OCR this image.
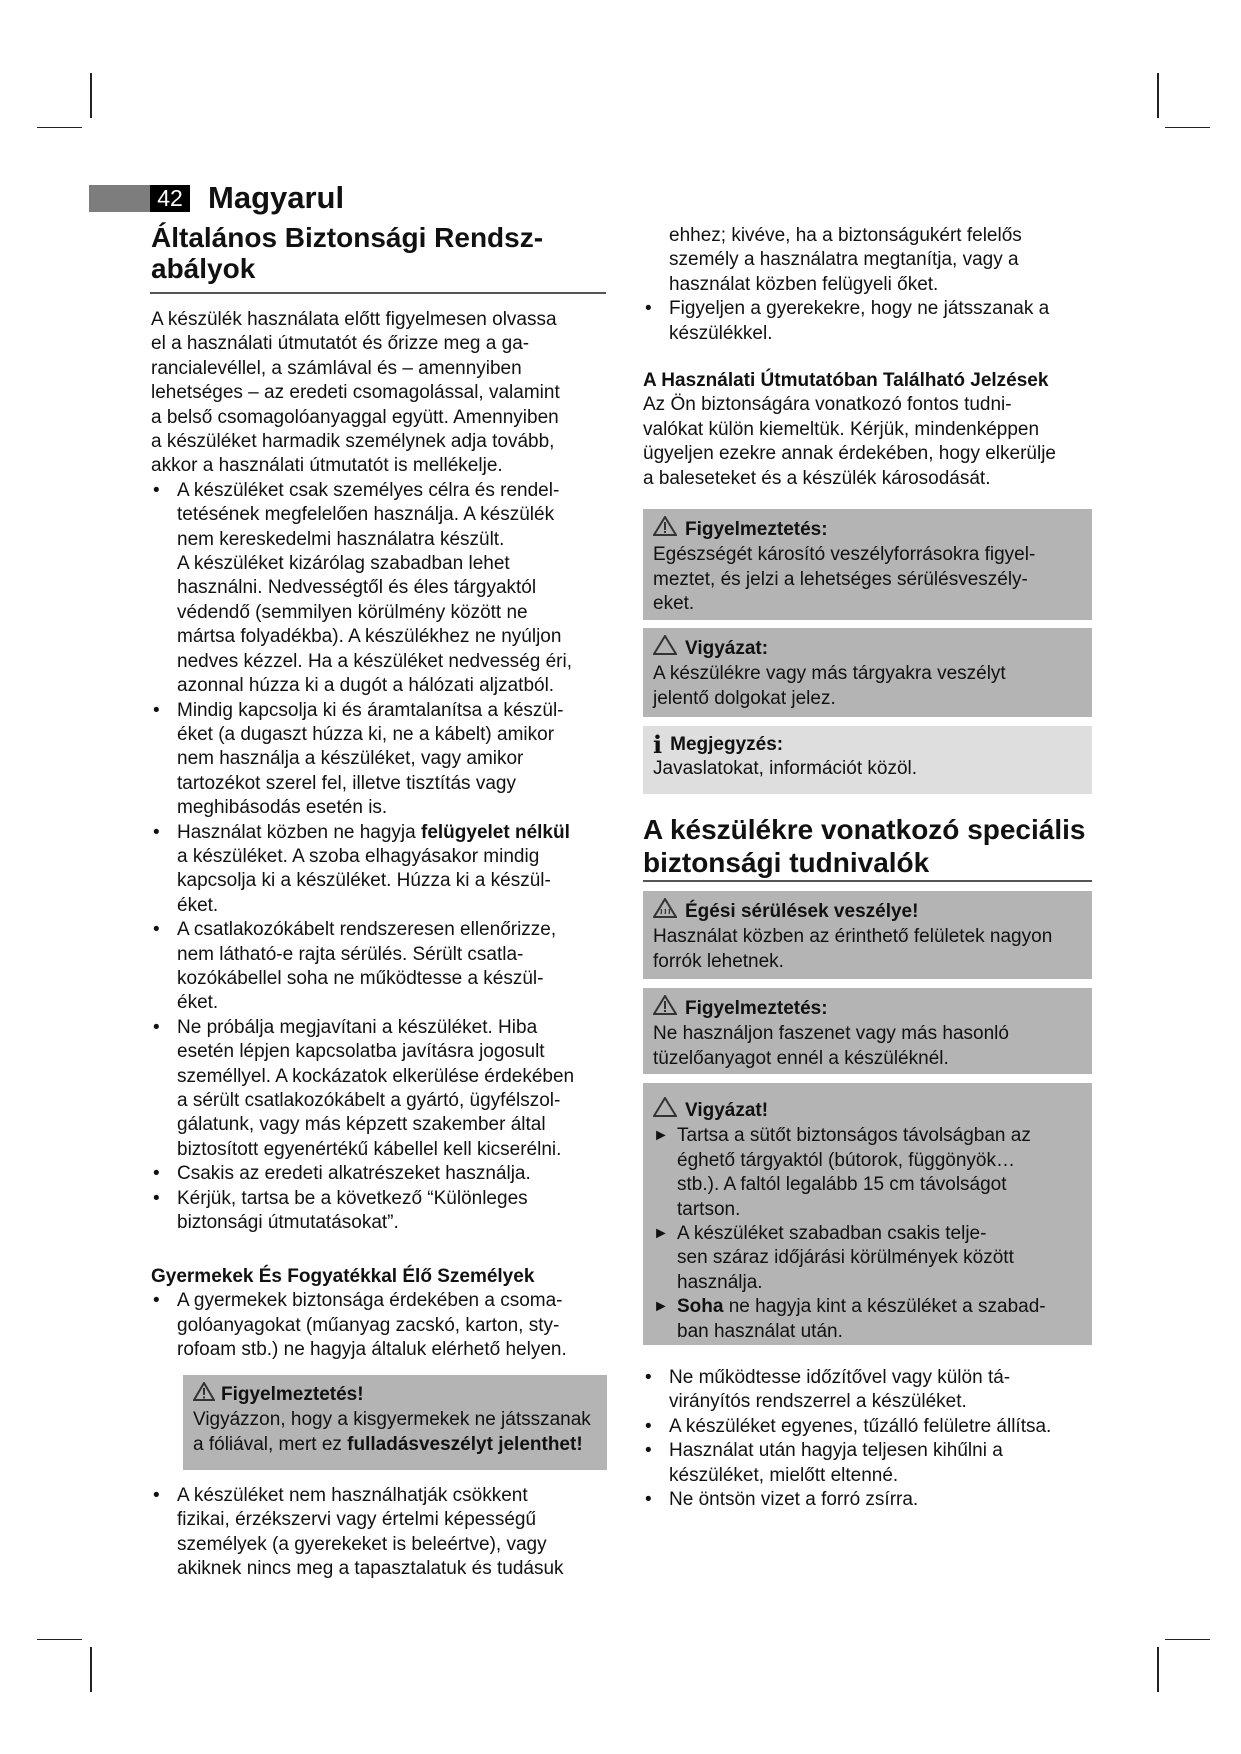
42 Magyarul
Általános Biztonsági Rendsz-
abályok
A készülék használata előtt figyelmesen olvassa
el a használati útmutatót és őrizze meg a ga-
rancialevéllel, a számlával és – amennyiben
lehetséges – az eredeti csomagolással, valamint
a belső csomagolóanyaggal együtt. Amennyiben
a készüléket harmadik személynek adja tovább,
akkor a használati útmutatót is mellékelje.
• A készüléket csak személyes célra és rendel-
tetésének megfelelően használja. A készülék
nem kereskedelmi használatra készült.
A készüléket kizárólag szabadban lehet
használni. Nedvességtől és éles tárgyaktól
védendő (semmilyen körülmény között ne
mártsa folyadékba). A készülékhez ne nyúljon
nedves kézzel. Ha a készüléket nedvesség éri,
azonnal húzza ki a dugót a hálózati aljzatból.
• Mindig kapcsolja ki és áramtalanítsa a készül-
éket (a dugaszt húzza ki, ne a kábelt) amikor
nem használja a készüléket, vagy amikor
tartozékot szerel fel, illetve tisztítás vagy
meghibásodás esetén is.
• Használat közben ne hagyja felügyelet nélkül
a készüléket. A szoba elhagyásakor mindig
kapcsolja ki a készüléket. Húzza ki a készül-
éket.
• A csatlakozókábelt rendszeresen ellenőrizze,
nem látható-e rajta sérülés. Sérült csatla-
kozókábellel soha ne működtesse a készül-
éket.
• Ne próbálja megjavítani a készüléket. Hiba
esetén lépjen kapcsolatba javításra jogosult
személlyel. A kockázatok elkerülése érdekében
a sérült csatlakozókábelt a gyártó, ügyfélszol-
gálatunk, vagy más képzett szakember által
biztosított egyenértékű kábellel kell kicserélni.
• Csakis az eredeti alkatrészeket használja.
• Kérjük, tartsa be a következő “Különleges
biztonsági útmutatásokat”.
Gyermekek És Fogyatékkal Élő Személyek
• A gyermekek biztonsága érdekében a csoma-
golóanyagokat (műanyag zacskó, karton, sty-
rofoam stb.) ne hagyja általuk elérhető helyen.
Figyelmeztetés!
Vigyázzon, hogy a kisgyermekek ne játsszanak
a fóliával, mert ez fulladásveszélyt jelenthet!
• A készüléket nem használhatják csökkent
fizikai, érzékszervi vagy értelmi képességű
személyek (a gyerekeket is beleértve), vagy
akiknek nincs meg a tapasztalatuk és tudásuk
ehhez; kivéve, ha a biztonságukért felelős
személy a használatra megtanítja, vagy a
használat közben felügyeli őket.
• Figyeljen a gyerekekre, hogy ne játsszanak a
készülékkel.
A Használati Útmutatóban Található Jelzések
Az Ön biztonságára vonatkozó fontos tudni-
valókat külön kiemeltük. Kérjük, mindenképpen
ügyeljen ezekre annak érdekében, hogy elkerülje
a baleseteket és a készülék károsodását.
Figyelmeztetés:
Egészségét károsító veszélyforrásokra figyel-
meztet, és jelzi a lehetséges sérülésveszély-
eket.
Vigyázat:
A készülékre vagy más tárgyakra veszélyt
jelentő dolgokat jelez.
i Megjegyzés:
Javaslatokat, információt közöl.
A készülékre vonatkozó speciális
biztonsági tudnivalók
Égési sérülések veszélye!
Használat közben az érinthető felületek nagyon
forrók lehetnek.
Figyelmeztetés:
Ne használjon faszenet vagy más hasonló
tüzelőanyagot ennél a készüléknél.
Vigyázat!
► Tartsa a sütőt biztonságos távolságban az
éghető tárgyaktól (bútorok, függönyök…
stb.). A faltól legalább 15 cm távolságot
tartson.
► A készüléket szabadban csakis telje-
sen száraz időjárási körülmények között
használja.
► Soha ne hagyja kint a készüléket a szabad-
ban használat után.
• Ne működtesse időzítővel vagy külön tá-
virányítós rendszerrel a készüléket.
• A készüléket egyenes, tűzálló felületre állítsa.
• Használat után hagyja teljesen kihűlni a
készüléket, mielőtt eltenné.
• Ne öntsön vizet a forró zsírra.
